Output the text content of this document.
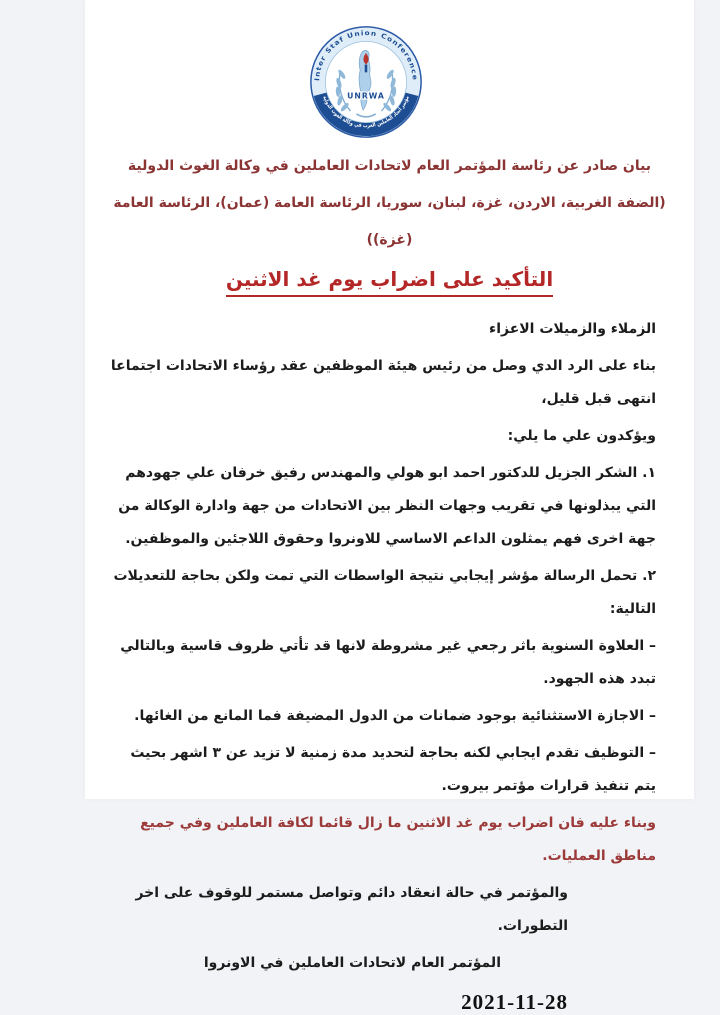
UNRWA
Inter Staf Union Conference
مؤتمر اتحاد العاملين العرب في وكالة الغوث الدولية

بيان صادر عن رئاسة المؤتمر العام لاتحادات العاملين في وكالة الغوث الدولية

(الضفة الغربية، الاردن، غزة، لبنان، سوريا، الرئاسة العامة (عمان)، الرئاسة العامة (غزة))

التأكيد على اضراب يوم غد الاثنين

الزملاء والزميلات الاعزاء

بناء على الرد الدي وصل من رئيس هيئة الموظفين عقد رؤساء الاتحادات اجتماعا انتهى قبل قليل،

ويؤكدون علي ما يلي:

١. الشكر الجزيل للدكتور احمد ابو هولي والمهندس رفيق خرفان علي جهودهم التي يبذلونها في تقريب وجهات النظر بين الاتحادات من جهة وادارة الوكالة من جهة اخرى فهم يمثلون الداعم الاساسي للاونروا وحقوق اللاجئين والموظفين.

٢. تحمل الرسالة مؤشر إيجابي نتيجة الواسطات التي تمت ولكن بحاجة للتعديلات التالية:

– العلاوة السنوية باثر رجعي غير مشروطة لانها قد تأتي ظروف قاسية وبالتالي تبدد هذه الجهود.

– الاجازة الاستثنائية بوجود ضمانات من الدول المضيفة فما المانع من الغائها.

– التوظيف تقدم ايجابي لكنه بحاجة لتحديد مدة زمنية لا تزيد عن ٣ اشهر بحيث يتم تنفيذ قرارات مؤتمر بيروت.

وبناء عليه فان اضراب يوم غد الاثنين ما زال قائما لكافة العاملين وفي جميع مناطق العمليات.

والمؤتمر في حالة انعقاد دائم وتواصل مستمر للوقوف على اخر التطورات.

المؤتمر العام لاتحادات العاملين في الاونروا

2021-11-28
